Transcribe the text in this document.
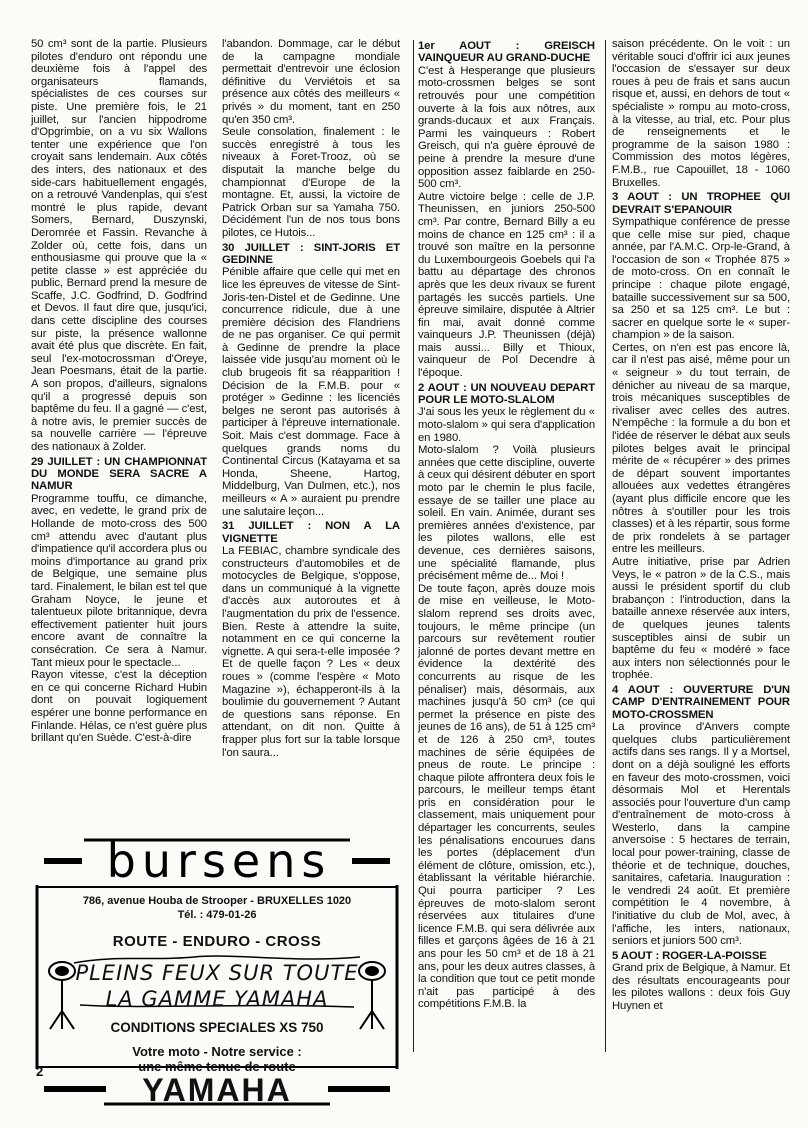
50 cm³ sont de la partie. Plusieurs pilotes d'enduro ont répondu une deuxième fois à l'appel des organisateurs flamands, spécialistes de ces courses sur piste. Une première fois, le 21 juillet, sur l'ancien hippodrome d'Opgrimbie, on a vu six Wallons tenter une expérience que l'on croyait sans lendemain. Aux côtés des inters, des nationaux et des side-cars habituellement engagés, on a retrouvé Vandenplas, qui s'est montré le plus rapide, devant Somers, Bernard, Duszynski, Deromrée et Fassin. Revanche à Zolder où, cette fois, dans un enthousiasme qui prouve que la « petite classe » est appréciée du public, Bernard prend la mesure de Scaffe, J.C. Godfrind, D. Godfrind et Devos. Il faut dire que, jusqu'ici, dans cette discipline des courses sur piste, la présence wallonne avait été plus que discrète. En fait, seul l'ex-motocrossman d'Oreye, Jean Poesmans, était de la partie. A son propos, d'ailleurs, signalons qu'il a progressé depuis son baptême du feu. Il a gagné — c'est, à notre avis, le premier succès de sa nouvelle carrière — l'épreuve des nationaux à Zolder.

29 JUILLET : UN CHAMPIONNAT DU MONDE SERA SACRE A NAMUR

Programme touffu, ce dimanche, avec, en vedette, le grand prix de Hollande de moto-cross des 500 cm³ attendu avec d'autant plus d'impatience qu'il accordera plus ou moins d'importance au grand prix de Belgique, une semaine plus tard. Finalement, le bilan est tel que Graham Noyce, le jeune et talentueux pilote britannique, devra effectivement patienter huit jours encore avant de connaître la consécration. Ce sera à Namur. Tant mieux pour le spectacle...

Rayon vitesse, c'est la déception en ce qui concerne Richard Hubin dont on pouvait logiquement espérer une bonne performance en Finlande. Hélas, ce n'est guère plus brillant qu'en Suède. C'est-à-dire

l'abandon. Dommage, car le début de la campagne mondiale permettait d'entrevoir une éclosion définitive du Verviétois et sa présence aux côtés des meilleurs « privés » du moment, tant en 250 qu'en 350 cm³.

Seule consolation, finalement : le succès enregistré à tous les niveaux à Foret-Trooz, où se disputait la manche belge du championnat d'Europe de la montagne. Et, aussi, la victoire de Patrick Orban sur sa Yamaha 750. Décidément l'un de nos tous bons pilotes, ce Hutois...

30 JUILLET : SINT-JORIS ET GEDINNE

Pénible affaire que celle qui met en lice les épreuves de vitesse de Sint-Joris-ten-Distel et de Gedinne. Une concurrence ridicule, due à une première décision des Flandriens de ne pas organiser. Ce qui permit à Gedinne de prendre la place laissée vide jusqu'au moment où le club brugeois fit sa réapparition ! Décision de la F.M.B. pour « protéger » Gedinne : les licenciés belges ne seront pas autorisés à participer à l'épreuve internationale. Soit. Mais c'est dommage. Face à quelques grands noms du Continental Circus (Katayama et sa Honda, Sheene, Hartog, Middelburg, Van Dulmen, etc.), nos meilleurs « A » auraient pu prendre une salutaire leçon...

31 JUILLET : NON A LA VIGNETTE

La FEBIAC, chambre syndicale des constructeurs d'automobiles et de motocycles de Belgique, s'oppose, dans un communiqué à la vignette d'accès aux autoroutes et à l'augmentation du prix de l'essence. Bien. Reste à attendre la suite, notamment en ce qui concerne la vignette. A qui sera-t-elle imposée ? Et de quelle façon ? Les « deux roues » (comme l'espère « Moto Magazine »), échapperont-ils à la boulimie du gouvernement ? Autant de questions sans réponse. En attendant, on dit non. Quitte à frapper plus fort sur la table lorsque l'on saura...

1er AOUT : GREISCH VAINQUEUR AU GRAND-DUCHE

C'est à Hesperange que plusieurs moto-crossmen belges se sont retrouvés pour une compétition ouverte à la fois aux nôtres, aux grands-ducaux et aux Français. Parmi les vainqueurs : Robert Greisch, qui n'a guère éprouvé de peine à prendre la mesure d'une opposition assez faiblarde en 250-500 cm³.

Autre victoire belge : celle de J.P. Theunissen, en juniors 250-500 cm³. Par contre, Bernard Billy a eu moins de chance en 125 cm³ : il a trouvé son maître en la personne du Luxembourgeois Goebels qui l'a battu au départage des chronos après que les deux rivaux se furent partagés les succès partiels. Une épreuve similaire, disputée à Altrier fin mai, avait donné comme vainqueurs J.P. Theunissen (déjà) mais aussi... Billy et Thioux, vainqueur de Pol Decendre à l'époque.

2 AOUT : UN NOUVEAU DEPART POUR LE MOTO-SLALOM

J'ai sous les yeux le règlement du « moto-slalom » qui sera d'application en 1980.

Moto-slalom ? Voilà plusieurs années que cette discipline, ouverte à ceux qui désirent débuter en sport moto par le chemin le plus facile, essaye de se tailler une place au soleil. En vain. Animée, durant ses premières années d'existence, par les pilotes wallons, elle est devenue, ces dernières saisons, une spécialité flamande, plus précisément même de... Moi !

De toute façon, après douze mois de mise en veilleuse, le Moto-slalom reprend ses droits avec, toujours, le même principe (un parcours sur revêtement routier jalonné de portes devant mettre en évidence la dextérité des concurrents au risque de les pénaliser) mais, désormais, aux machines jusqu'à 50 cm³ (ce qui permet la présence en piste des jeunes de 16 ans), de 51 à 125 cm³ et de 126 à 250 cm³, toutes machines de série équipées de pneus de route. Le principe : chaque pilote affrontera deux fois le parcours, le meilleur temps étant pris en considération pour le classement, mais uniquement pour départager les concurrents, seules les pénalisations encourues dans les portes (déplacement d'un élément de clôture, omission, etc.), établissant la véritable hiérarchie. Qui pourra participer ? Les épreuves de moto-slalom seront réservées aux titulaires d'une licence F.M.B. qui sera délivrée aux filles et garçons âgées de 16 à 21 ans pour les 50 cm³ et de 18 à 21 ans, pour les deux autres classes, à la condition que tout ce petit monde n'ait pas participé à des compétitions F.M.B. la

saison précédente. On le voit : un véritable souci d'offrir ici aux jeunes l'occasion de s'essayer sur deux roues à peu de frais et sans aucun risque et, aussi, en dehors de tout « spécialiste » rompu au moto-cross, à la vitesse, au trial, etc. Pour plus de renseignements et le programme de la saison 1980 : Commission des motos légères, F.M.B., rue Capouillet, 18 - 1060 Bruxelles.

3 AOUT : UN TROPHEE QUI DEVRAIT S'EPANOUIR

Sympathique conférence de presse que celle mise sur pied, chaque année, par l'A.M.C. Orp-le-Grand, à l'occasion de son « Trophée 875 » de moto-cross. On en connaît le principe : chaque pilote engagé, bataille successivement sur sa 500, sa 250 et sa 125 cm³. Le but : sacrer en quelque sorte le « super-champion » de la saison.

Certes, on n'en est pas encore là, car il n'est pas aisé, même pour un « seigneur » du tout terrain, de dénicher au niveau de sa marque, trois mécaniques susceptibles de rivaliser avec celles des autres. N'empêche : la formule a du bon et l'idée de réserver le débat aux seuls pilotes belges avait le principal mérite de « récupérer » des primes de départ souvent importantes allouées aux vedettes étrangères (ayant plus difficile encore que les nôtres à s'outiller pour les trois classes) et à les répartir, sous forme de prix rondelets à se partager entre les meilleurs.

Autre initiative, prise par Adrien Veys, le « patron » de la C.S., mais aussi le président sportif du club brabançon : l'introduction, dans la bataille annexe réservée aux inters, de quelques jeunes talents susceptibles ainsi de subir un baptême du feu « modéré » face aux inters non sélectionnés pour le trophée.

4 AOUT : OUVERTURE D'UN CAMP D'ENTRAINEMENT POUR MOTO-CROSSMEN

La province d'Anvers compte quelques clubs particulièrement actifs dans ses rangs. Il y a Mortsel, dont on a déjà souligné les efforts en faveur des moto-crossmen, voici désormais Mol et Herentals associés pour l'ouverture d'un camp d'entraînement de moto-cross à Westerlo, dans la campine anversoise : 5 hectares de terrain, local pour power-training, classe de théorie et de technique, douches, sanitaires, cafetaria. Inauguration : le vendredi 24 août. Et première compétition le 4 novembre, à l'initiative du club de Mol, avec, à l'affiche, les inters, nationaux, seniors et juniors 500 cm³.

5 AOUT : ROGER-LA-POISSE

Grand prix de Belgique, à Namur. Et des résultats encourageants pour les pilotes wallons : deux fois Guy Huynen et

bursens
786, avenue Houba de Strooper - BRUXELLES 1020
Tél. : 479-01-26
ROUTE - ENDURO - CROSS
PLEINS FEUX SUR TOUTE
LA GAMME YAMAHA
CONDITIONS SPECIALES XS 750
Votre moto - Notre service :
une même tenue de route
YAMAHA
2
